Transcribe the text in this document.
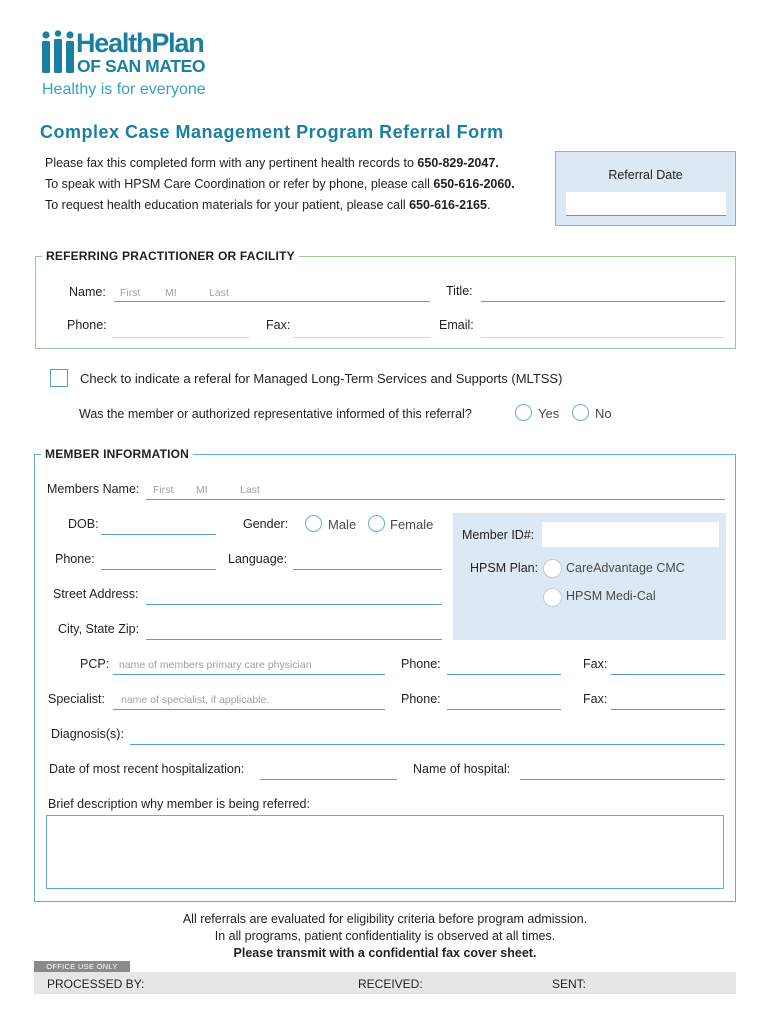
HealthPlan
OF SAN MATEO
Healthy is for everyone
Complex Case Management Program Referral Form
Please fax this completed form with any pertinent health records to 650-829-2047.
To speak with HPSM Care Coordination or refer by phone, please call 650-616-2060.
To request health education materials for your patient, please call 650-616-2165.
Referral Date
REFERRING PRACTITIONER OR FACILITY
Name: First MI	Last	Title:
Phone:	Fax:	Email:
Check to indicate a referal for Managed Long-Term Services and Supports (MLTSS)
Was the member or authorized representative informed of this referral?	Yes	No
MEMBER INFORMATION
Members Name: First MI	Last
Member ID#:
HPSM Plan: CareAdvantage CMC
HPSM Medi-Cal
DOB:	Gender:	Male	Female
Phone:	Language:
Street Address:
City, State Zip:
PCP: name of members primary care physician	Phone:	Fax:
Specialist: name of specialist, if applicable.	Phone:	Fax:
Diagnosis(s):
Date of most recent hospitalization:	Name of hospital:
Brief description why member is being referred:
All referrals are evaluated for eligibility criteria before program admission.
In all programs, patient confidentiality is observed at all times.
Please transmit with a confidential fax cover sheet.
OFFICE USE ONLY
PROCESSED BY:	RECEIVED:	SENT:
